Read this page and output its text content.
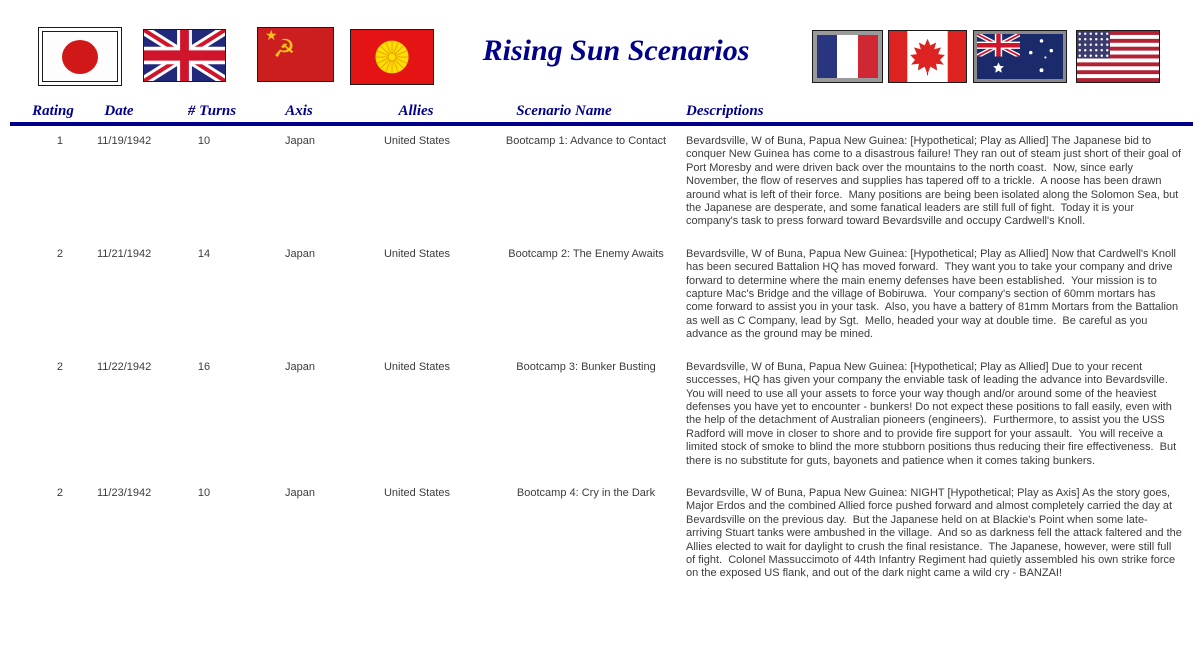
★
☭	Rising Sun Scenarios
Rating Date	# Turns	Axis	Allies	Scenario Name	Descriptions
1	11/19/1942	10	Japan	United States	Bootcamp 1: Advance to Contact	Bevardsville, W of Buna, Papua New Guinea: [Hypothetical; Play as Allied] The Japanese bid to conquer New Guinea has come to a disastrous failure! They ran out of steam just short of their goal of Port Moresby and were driven back over the mountains to the north coast.  Now, since early November, the flow of reserves and supplies has tapered off to a trickle.  A noose has been drawn around what is left of their force.  Many positions are being been isolated along the Solomon Sea, but the Japanese are desperate, and some fanatical leaders are still full of fight.  Today it is your company's task to press forward toward Bevardsville and occupy Cardwell's Knoll.
2	11/21/1942	14	Japan	United States	Bootcamp 2: The Enemy Awaits	Bevardsville, W of Buna, Papua New Guinea: [Hypothetical; Play as Allied] Now that Cardwell's Knoll has been secured Battalion HQ has moved forward.  They want you to take your company and drive forward to determine where the main enemy defenses have been established.  Your mission is to capture Mac's Bridge and the village of Bobiruwa.  Your company's section of 60mm mortars has come forward to assist you in your task.  Also, you have a battery of 81mm Mortars from the Battalion as well as C Company, lead by Sgt.  Mello, headed your way at double time.  Be careful as you advance as the ground may be mined.
2	11/22/1942	16	Japan	United States	Bootcamp 3: Bunker Busting	Bevardsville, W of Buna, Papua New Guinea: [Hypothetical; Play as Allied] Due to your recent successes, HQ has given your company the enviable task of leading the advance into Bevardsville.  You will need to use all your assets to force your way though and/or around some of the heaviest defenses you have yet to encounter - bunkers! Do not expect these positions to fall easily, even with the help of the detachment of Australian pioneers (engineers).  Furthermore, to assist you the USS Radford will move in closer to shore and to provide fire support for your assault.  You will receive a limited stock of smoke to blind the more stubborn positions thus reducing their fire effectiveness.  But there is no substitute for guts, bayonets and patience when it comes taking bunkers.
2	11/23/1942	10	Japan	United States	Bootcamp 4: Cry in the Dark	Bevardsville, W of Buna, Papua New Guinea: NIGHT [Hypothetical; Play as Axis] As the story goes, Major Erdos and the combined Allied force pushed forward and almost completely carried the day at Bevardsville on the previous day.  But the Japanese held on at Blackie's Point when some late-arriving Stuart tanks were ambushed in the village.  And so as darkness fell the attack faltered and the Allies elected to wait for daylight to crush the final resistance.  The Japanese, however, were still full of fight.  Colonel Massuccimoto of 44th Infantry Regiment had quietly assembled his own strike force on the exposed US flank, and out of the dark night came a wild cry - BANZAI!
